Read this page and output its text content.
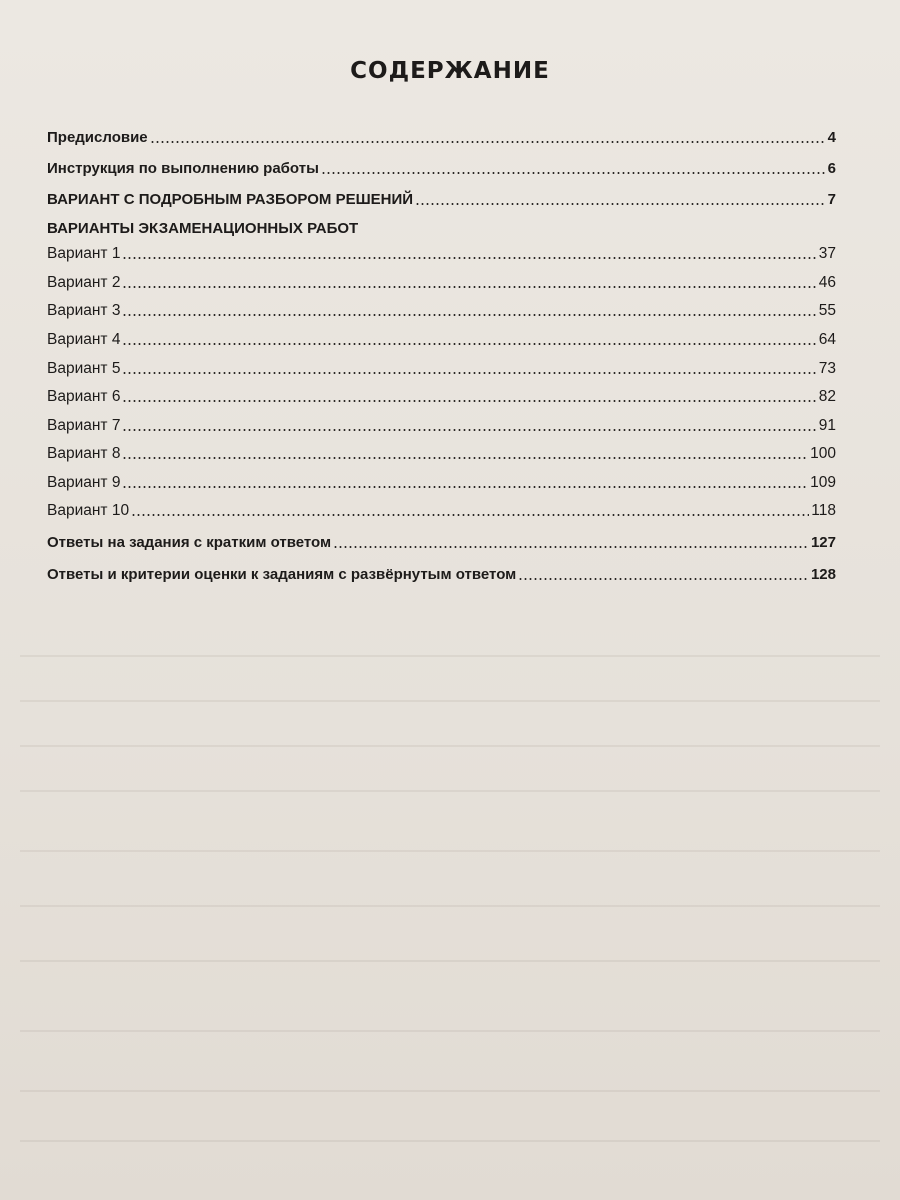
СОДЕРЖАНИЕ
Предисловие	4
Инструкция по выполнению работы	6
ВАРИАНТ С ПОДРОБНЫМ РАЗБОРОМ РЕШЕНИЙ	7
ВАРИАНТЫ ЭКЗАМЕНАЦИОННЫХ РАБОТ
Вариант 1	37
Вариант 2	46
Вариант 3	55
Вариант 4	64
Вариант 5	73
Вариант 6	82
Вариант 7	91
Вариант 8	100
Вариант 9	109
Вариант 10	118
Ответы на задания с кратким ответом	127
Ответы и критерии оценки к заданиям с развёрнутым ответом	128
